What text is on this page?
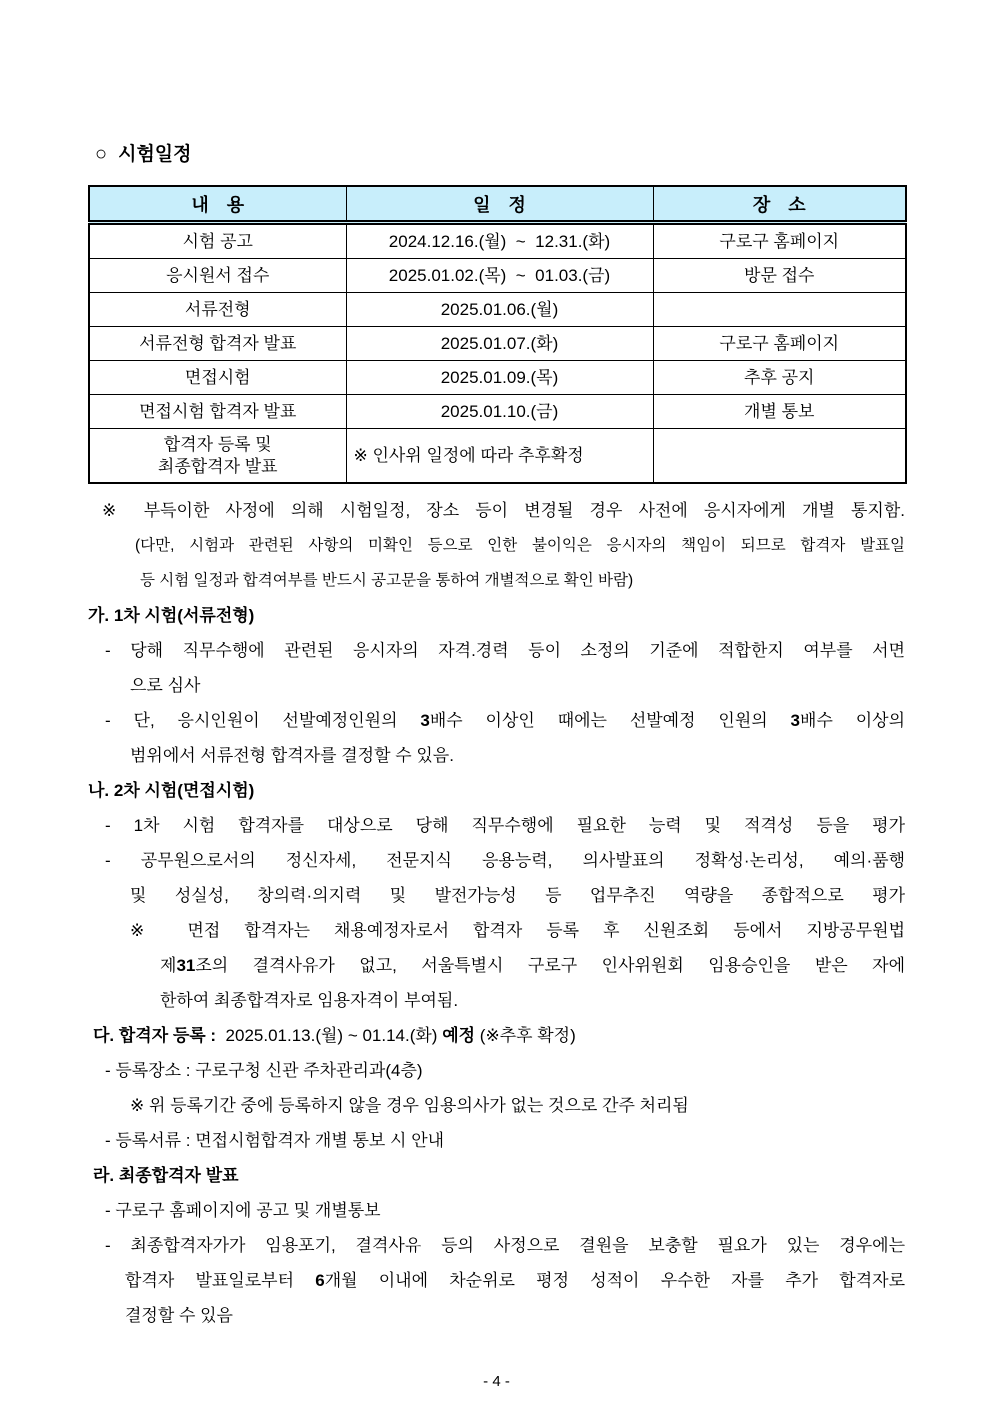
○ 시험일정
내　용	일　정	장　소
시험 공고	2024.12.16.(월)  ~  12.31.(화)	구로구 홈페이지
응시원서 접수	2025.01.02.(목)  ~  01.03.(금)	방문 접수
서류전형	2025.01.06.(월)	
서류전형 합격자 발표	2025.01.07.(화)	구로구 홈페이지
면접시험	2025.01.09.(목)	추후 공지
면접시험 합격자 발표	2025.01.10.(금)	개별 통보

합격자 등록 및
최종합격자 발표	※ 인사위 일정에 따라 추후확정	
※ 부득이한 사정에 의해 시험일정, 장소 등이 변경될 경우 사전에 응시자에게 개별 통지함.
(다만, 시험과 관련된 사항의 미확인 등으로 인한 불이익은 응시자의 책임이 되므로 합격자 발표일
등 시험 일정과 합격여부를 반드시 공고문을 통하여 개별적으로 확인 바람)
가. 1차 시험(서류전형)
- 당해 직무수행에 관련된 응시자의 자격.경력 등이 소정의 기준에 적합한지 여부를 서면
으로 심사
- 단, 응시인원이 선발예정인원의 3배수 이상인 때에는 선발예정 인원의 3배수 이상의
범위에서 서류전형 합격자를 결정할 수 있음.
나. 2차 시험(면접시험)
- 1차 시험 합격자를 대상으로 당해 직무수행에 필요한 능력 및 적격성 등을 평가
- 공무원으로서의 정신자세, 전문지식 응용능력, 의사발표의 정확성·논리성, 예의·품행
및 성실성, 창의력·의지력 및 발전가능성 등 업무추진 역량을 종합적으로 평가
※ 면접 합격자는 채용예정자로서 합격자 등록 후 신원조회 등에서 지방공무원법
제31조의 결격사유가 없고, 서울특별시 구로구 인사위원회 임용승인을 받은 자에
한하여 최종합격자로 임용자격이 부여됨.
다. 합격자 등록 :  2025.01.13.(월) ~ 01.14.(화) 예정 (※추후 확정)
- 등록장소 : 구로구청 신관 주차관리과(4층)
※ 위 등록기간 중에 등록하지 않을 경우 임용의사가 없는 것으로 간주 처리됨
- 등록서류 : 면접시험합격자 개별 통보 시 안내
라. 최종합격자 발표
- 구로구 홈페이지에 공고 및 개별통보
- 최종합격자가가 임용포기, 결격사유 등의 사정으로 결원을 보충할 필요가 있는 경우에는
합격자 발표일로부터 6개월 이내에 차순위로 평정 성적이 우수한 자를 추가 합격자로
결정할 수 있음
- 4 -
